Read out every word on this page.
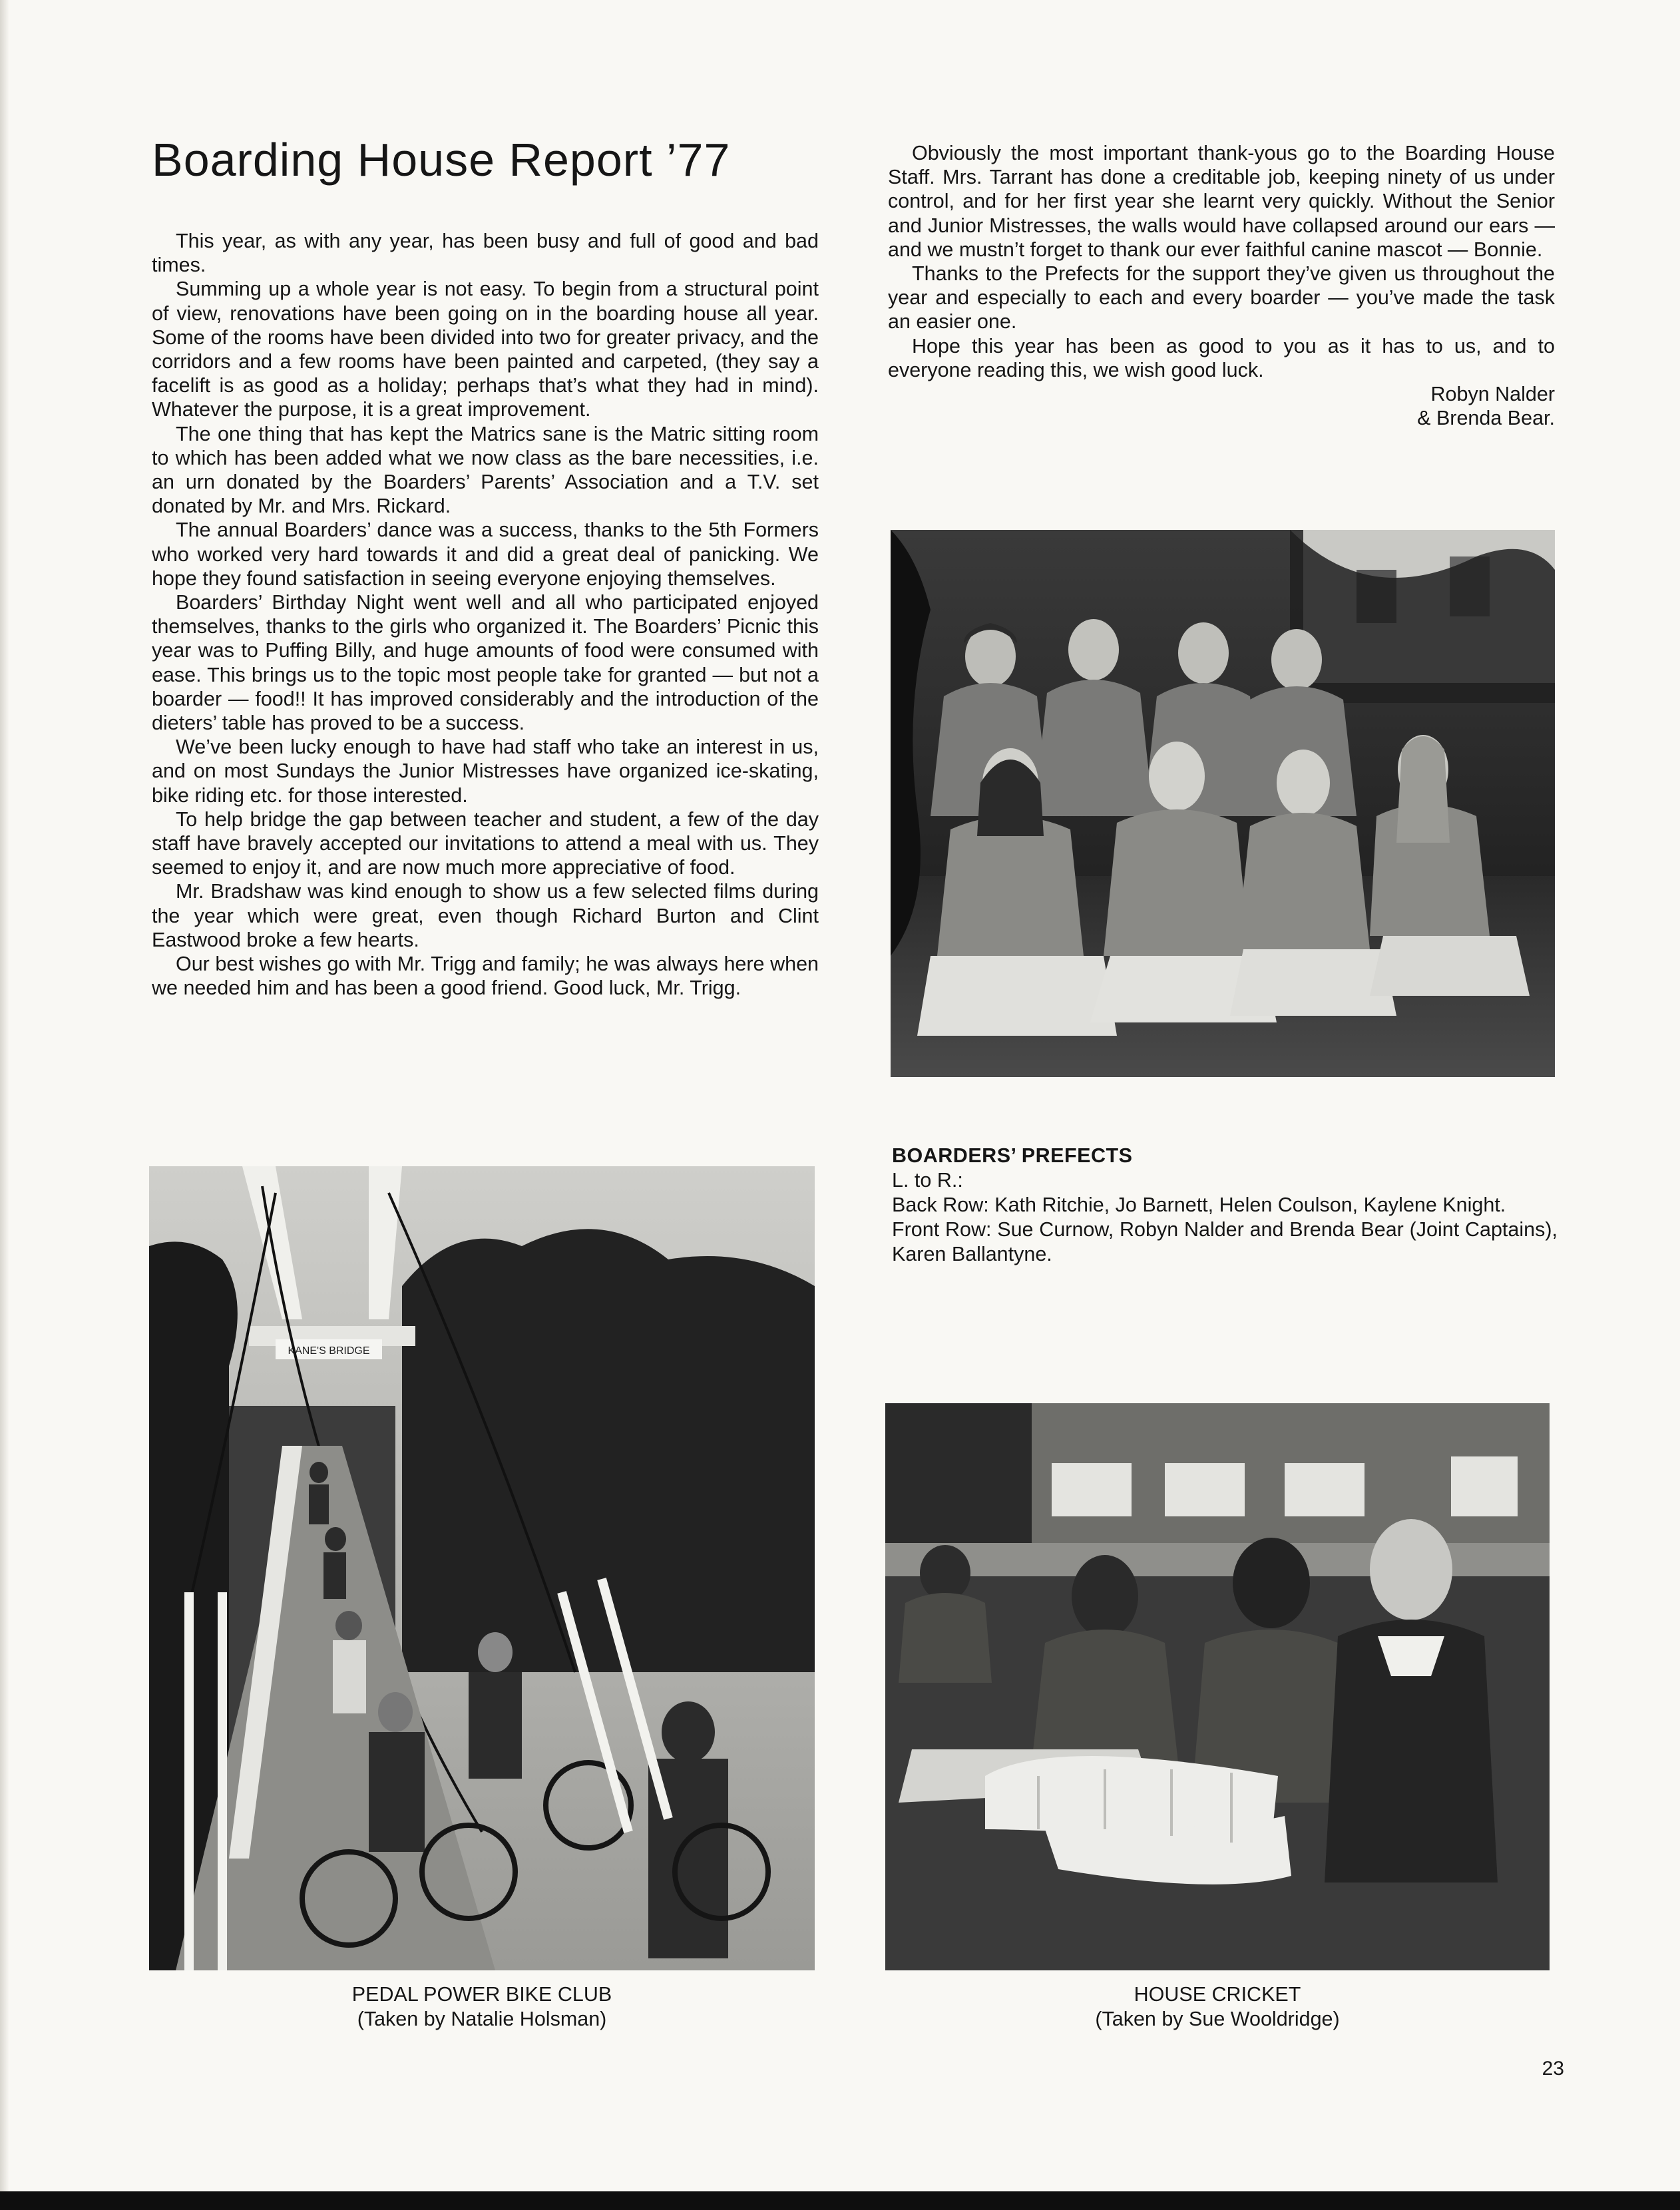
Boarding House Report ’77

This year, as with any year, has been busy and full of good and bad times.

Summing up a whole year is not easy. To begin from a structural point of view, renovations have been going on in the boarding house all year. Some of the rooms have been divided into two for greater privacy, and the corridors and a few rooms have been painted and carpeted, (they say a facelift is as good as a holiday; perhaps that’s what they had in mind). Whatever the purpose, it is a great improvement.

The one thing that has kept the Matrics sane is the Matric sitting room to which has been added what we now class as the bare necessities, i.e. an urn donated by the Boarders’ Parents’ Association and a T.V. set donated by Mr. and Mrs. Rickard.

The annual Boarders’ dance was a success, thanks to the 5th Formers who worked very hard towards it and did a great deal of panicking. We hope they found satisfaction in seeing everyone enjoying themselves.

Boarders’ Birthday Night went well and all who participated enjoyed themselves, thanks to the girls who organized it. The Boarders’ Picnic this year was to Puffing Billy, and huge amounts of food were consumed with ease. This brings us to the topic most people take for granted — but not a boarder — food!! It has improved considerably and the introduction of the dieters’ table has proved to be a success.

We’ve been lucky enough to have had staff who take an interest in us, and on most Sundays the Junior Mistresses have organized ice-skating, bike riding etc. for those interested.

To help bridge the gap between teacher and student, a few of the day staff have bravely accepted our invitations to attend a meal with us. They seemed to enjoy it, and are now much more appreciative of food.

Mr. Bradshaw was kind enough to show us a few selected films during the year which were great, even though Richard Burton and Clint Eastwood broke a few hearts.

Our best wishes go with Mr. Trigg and family; he was always here when we needed him and has been a good friend. Good luck, Mr. Trigg.

Obviously the most important thank-yous go to the Boarding House Staff. Mrs. Tarrant has done a creditable job, keeping ninety of us under control, and for her first year she learnt very quickly. Without the Senior and Junior Mistresses, the walls would have collapsed around our ears — and we mustn’t forget to thank our ever faithful canine mascot — Bonnie.

Thanks to the Prefects for the support they’ve given us throughout the year and especially to each and every boarder — you’ve made the task an easier one.

Hope this year has been as good to you as it has to us, and to everyone reading this, we wish good luck.

Robyn Nalder

& Brenda Bear.

BOARDERS’ PREFECTS
L. to R.:
Back Row: Kath Ritchie, Jo Barnett, Helen Coulson, Kaylene Knight.
Front Row: Sue Curnow, Robyn Nalder and Brenda Bear (Joint Captains), Karen Ballantyne.
KANE'S BRIDGE
PEDAL POWER BIKE CLUB
(Taken by Natalie Holsman)
HOUSE CRICKET
(Taken by Sue Wooldridge)
23
